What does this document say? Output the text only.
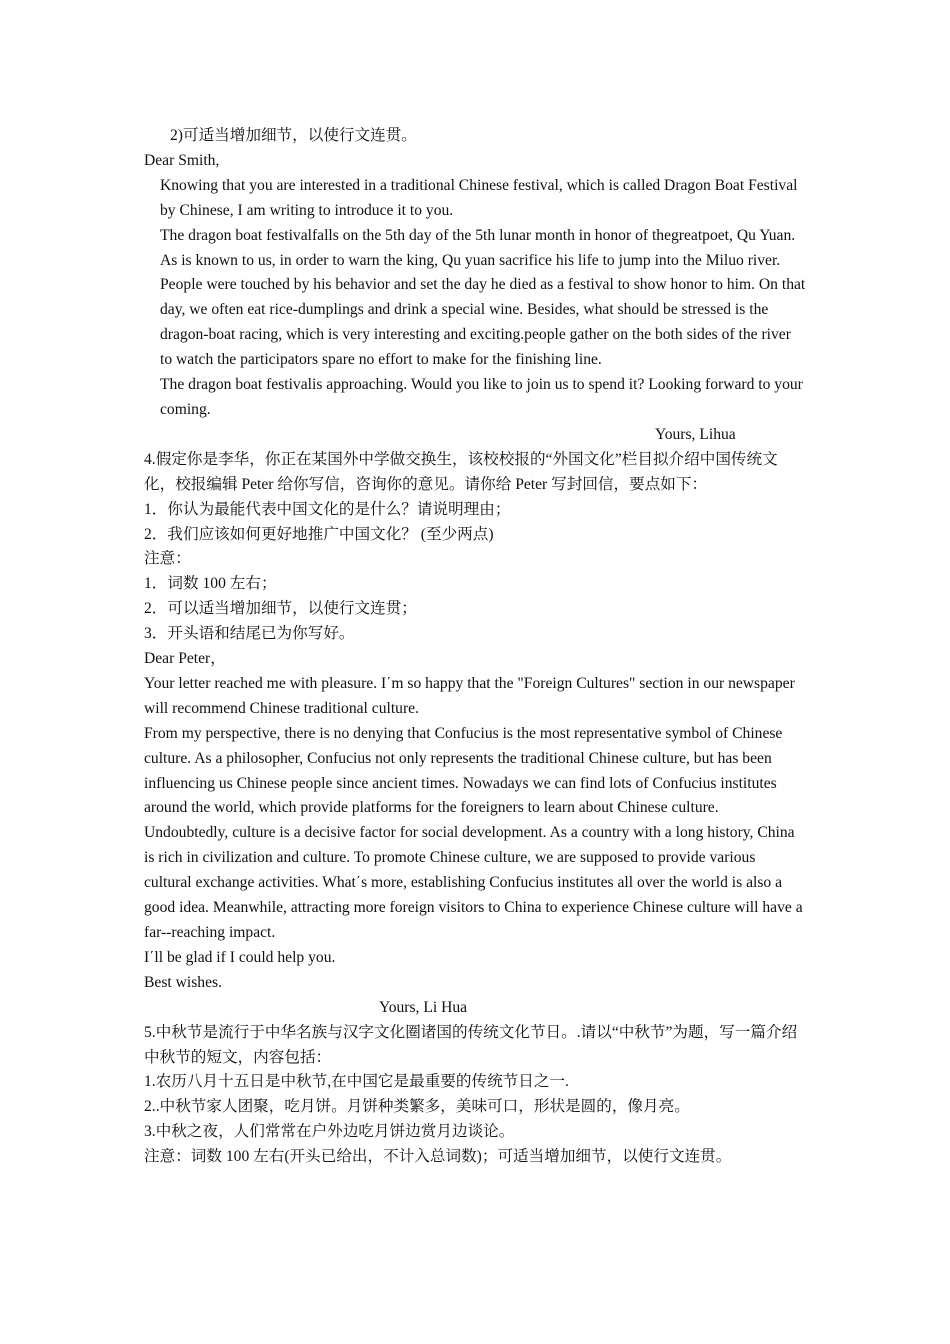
2)可适当增加细节，以使行文连贯。
Dear Smith,
Knowing that you are interested in a traditional Chinese festival, which is called Dragon Boat Festival by Chinese, I am writing to introduce it to you.
The dragon boat festivalfalls on the 5th day of the 5th lunar month in honor of thegreatpoet, Qu Yuan. As is known to us, in order to warn the king, Qu yuan sacrifice his life to jump into the Miluo river. People were touched by his behavior and set the day he died as a festival to show honor to him. On that day, we often eat rice-dumplings and drink a special wine. Besides, what should be stressed is the dragon-boat racing, which is very interesting and exciting.people gather on the both sides of the river to watch the participators spare no effort to make for the finishing line.
The dragon boat festivalis approaching. Would you like to join us to spend it? Looking forward to your coming.
Yours, Lihua
4.假定你是李华，你正在某国外中学做交换生，该校校报的“外国文化”栏目拟介绍中国传统文化，校报编辑 Peter 给你写信，咨询你的意见。请你给 Peter 写封回信，要点如下：
1．你认为最能代表中国文化的是什么？请说明理由；
2．我们应该如何更好地推广中国文化？ (至少两点)
注意：
1．词数 100 左右；
2．可以适当增加细节，以使行文连贯；
3．开头语和结尾已为你写好。
Dear Peter，
Your letter reached me with pleasure. I΄m so happy that the "Foreign Cultures" section in our newspaper will recommend Chinese traditional culture.
From my perspective, there is no denying that Confucius is the most representative symbol of Chinese culture. As a philosopher, Confucius not only represents the traditional Chinese culture, but has been influencing us Chinese people since ancient times. Nowadays we can find lots of Confucius institutes around the world, which provide platforms for the foreigners to learn about Chinese culture.
Undoubtedly, culture is a decisive factor for social development. As a country with a long history, China is rich in civilization and culture. To promote Chinese culture, we are supposed to provide various cultural exchange activities. What΄s more, establishing Confucius institutes all over the world is also a good idea. Meanwhile, attracting more foreign visitors to China to experience Chinese culture will have a far--reaching impact.
I΄ll be glad if I could help you.
Best wishes.
Yours, Li Hua
5.中秋节是流行于中华名族与汉字文化圈诸国的传统文化节日。.请以“中秋节”为题，写一篇介绍中秋节的短文，内容包括：
1.农历八月十五日是中秋节,在中国它是最重要的传统节日之一.
2..中秋节家人团聚，吃月饼。月饼种类繁多，美味可口，形状是圆的，像月亮。
3.中秋之夜，人们常常在户外边吃月饼边赏月边谈论。
注意：词数 100 左右(开头已给出，不计入总词数)；可适当增加细节，以使行文连贯。
